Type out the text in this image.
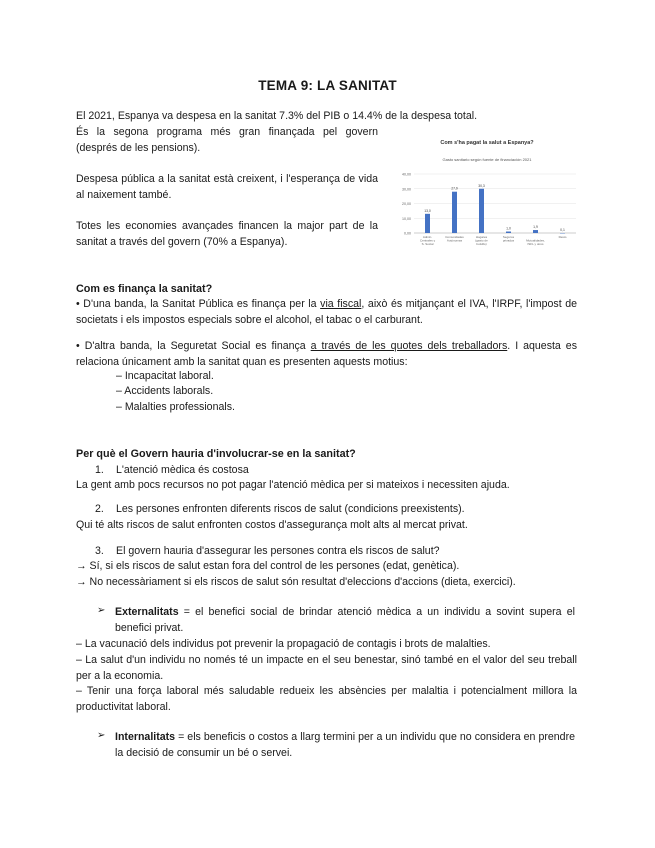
TEMA 9: LA SANITAT

El 2021, Espanya va despesa en la sanitat 7.3% del PIB o 14.4% de la despesa total.

És la segona programa més gran finançada pel govern (després de les pensions).

Despesa pública a la sanitat està creixent, i l'esperança de vida al naixement també.

Totes les economies avançades financen la major part de la sanitat a través del govern (70% a Espanya).

Com s'ha pagat la salut a Espanya?
Gasto sanitario según fuente de financiación 2021
0,00
10,00
20,00
30,00
40,00
13,0
27,9
30,3
1,0	1,9
0,1
Admin. Centrales y S. Social
Comunidades Autónomas
Hogares (gasto de bolsillo)
Seguros privados	Mutualidades, ISFL y otros
Resto

Com es finança la sanitat?

• D'una banda, la Sanitat Pública es finança per la via fiscal, això és mitjançant el IVA, l'IRPF, l'impost de societats i els impostos especials sobre el alcohol, el tabac o el carburant.

• D'altra banda, la Seguretat Social es finança a través de les quotes dels treballadors. I aquesta es relaciona únicament amb la sanitat quan es presenten aquests motius:

– Incapacitat laboral.

– Accidents laborals.

– Malalties professionals.

Per què el Govern hauria d'involucrar-se en la sanitat?

1. L'atenció mèdica és costosa

La gent amb pocs recursos no pot pagar l'atenció mèdica per si mateixos i necessiten ajuda.

2. Les persones enfronten diferents riscos de salut (condicions preexistents).

Qui té alts riscos de salut enfronten costos d'assegurança molt alts al mercat privat.

3. El govern hauria d'assegurar les persones contra els riscos de salut?

→ Sí, si els riscos de salut estan fora del control de les persones (edat, genètica).

→ No necessàriament si els riscos de salut són resultat d'eleccions d'accions (dieta, exercici).

➢ Externalitats = el benefici social de brindar atenció mèdica a un individu a sovint supera el benefici privat.

– La vacunació dels individus pot prevenir la propagació de contagis i brots de malalties.

– La salut d'un individu no només té un impacte en el seu benestar, sinó també en el valor del seu treball per a la economia.

– Tenir una força laboral més saludable redueix les absències per malaltia i potencialment millora la productivitat laboral.

➢ Internalitats = els beneficis o costos a llarg termini per a un individu que no considera en prendre la decisió de consumir un bé o servei.
